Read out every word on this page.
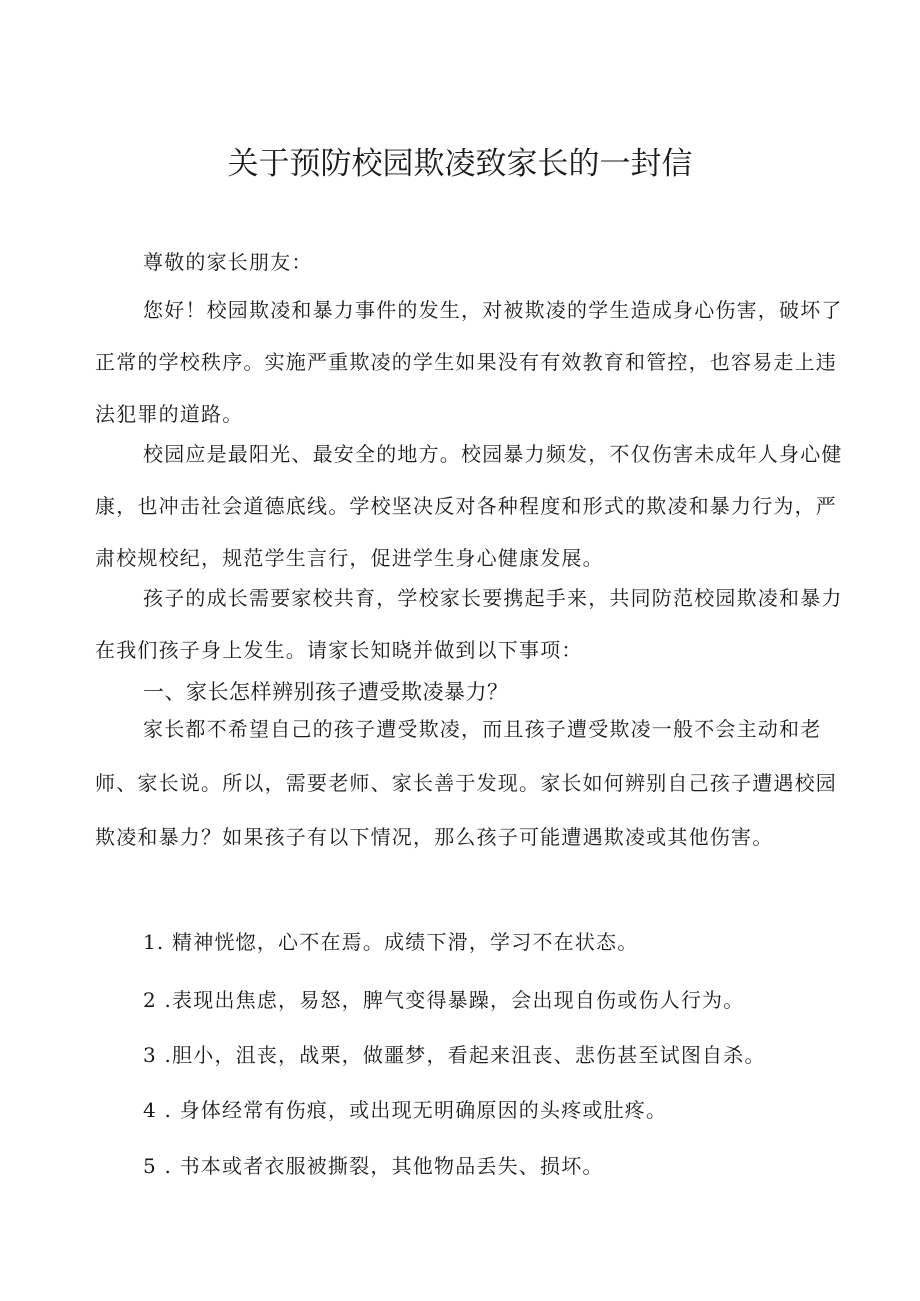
关于预防校园欺凌致家长的一封信

尊敬的家长朋友：

您好！校园欺凌和暴力事件的发生，对被欺凌的学生造成身心伤害，破坏了正常的学校秩序。实施严重欺凌的学生如果没有有效教育和管控，也容易走上违法犯罪的道路。

校园应是最阳光、最安全的地方。校园暴力频发，不仅伤害未成年人身心健康，也冲击社会道德底线。学校坚决反对各种程度和形式的欺凌和暴力行为，严肃校规校纪，规范学生言行，促进学生身心健康发展。

孩子的成长需要家校共育，学校家长要携起手来，共同防范校园欺凌和暴力在我们孩子身上发生。请家长知晓并做到以下事项：

一、家长怎样辨别孩子遭受欺凌暴力？

家长都不希望自己的孩子遭受欺凌，而且孩子遭受欺凌一般不会主动和老师、家长说。所以，需要老师、家长善于发现。家长如何辨别自己孩子遭遇校园欺凌和暴力？如果孩子有以下情况，那么孩子可能遭遇欺凌或其他伤害。

1. 精神恍惚，心不在焉。成绩下滑，学习不在状态。

2 .表现出焦虑，易怒，脾气变得暴躁，会出现自伤或伤人行为。

3 .胆小，沮丧，战栗，做噩梦，看起来沮丧、悲伤甚至试图自杀。

4 . 身体经常有伤痕，或出现无明确原因的头疼或肚疼。

5 . 书本或者衣服被撕裂，其他物品丢失、损坏。
